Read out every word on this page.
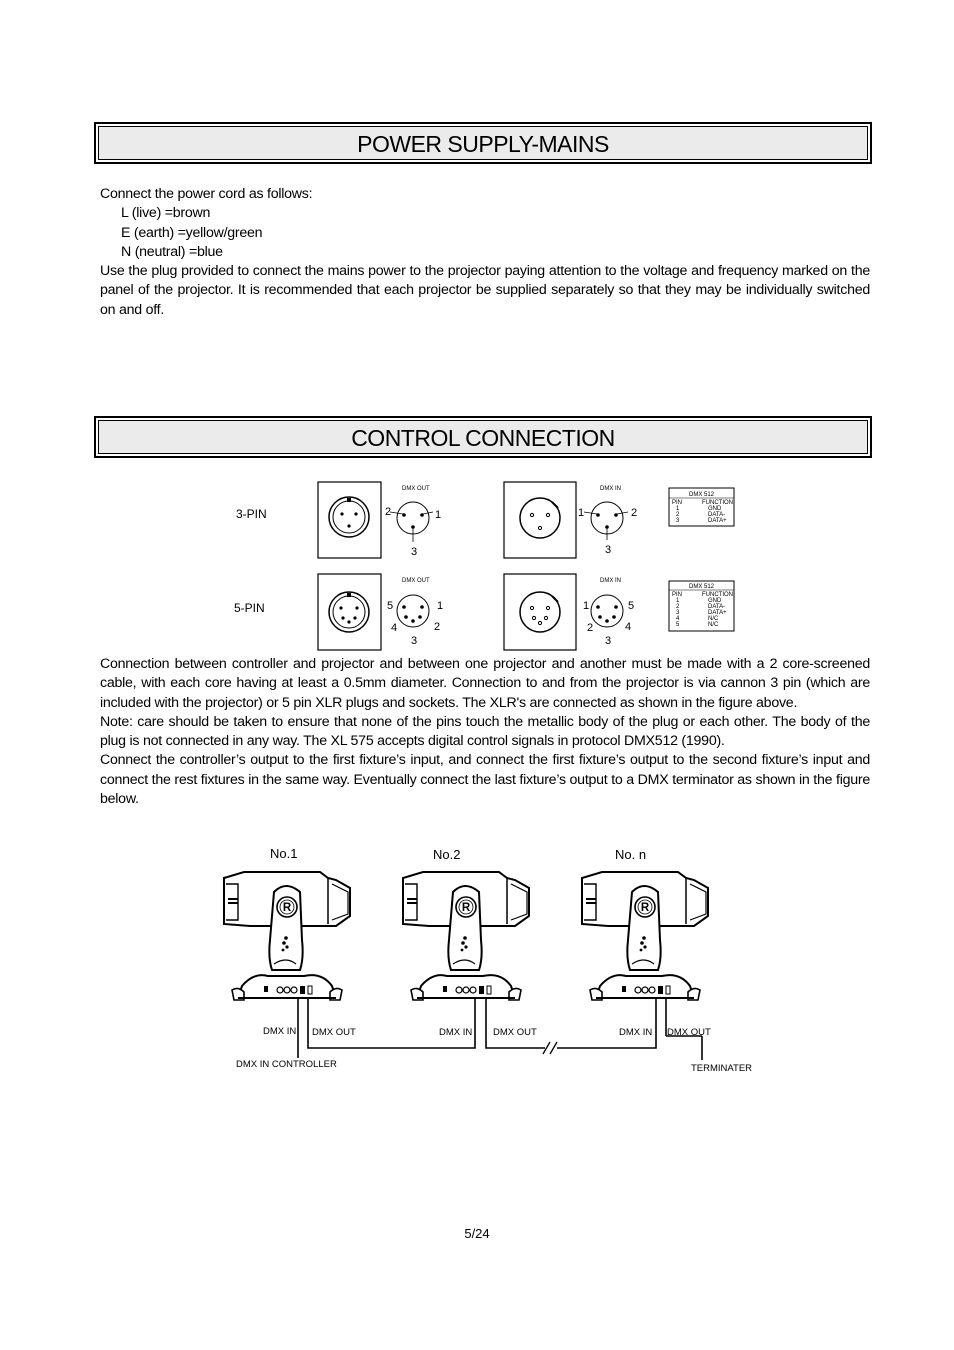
POWER SUPPLY-MAINS

Connect the power cord as follows:

L (live) =brown

E (earth) =yellow/green

N (neutral) =blue

Use the plug provided to connect the mains power to the projector paying attention to the voltage and frequency marked on the panel of the projector. It is recommended that each projector be supplied separately so that they may be individually switched on and off.

CONTROL CONNECTION
3-PIN
5-PIN
DMX OUT
2	1
3
DMX IN
1	2
3
DMX 512
PIN	FUNCTION
1	GND
2	DATA-
3	DATA+
DMX OUT
5	1
4	2
3
DMX IN
1	5
2	4
3
DMX 512
PIN	FUNCTION
1	GND
2	DATA-
3	DATA+
4	N/C
5	N/C

Connection between controller and projector and between one projector and another must be made with a 2 core-screened cable, with each core having at least a 0.5mm diameter. Connection to and from the projector is via cannon 3 pin (which are included with the projector) or 5 pin XLR plugs and sockets. The XLR's are connected as shown in the figure above.

Note: care should be taken to ensure that none of the pins touch the metallic body of the plug or each other. The body of the plug is not connected in any way. The XL 575 accepts digital control signals in protocol DMX512 (1990).

Connect the controller’s output to the first fixture’s input, and connect the first fixture’s output to the second fixture’s input and connect the rest fixtures in the same way. Eventually connect the last fixture’s output to a DMX terminator as shown in the figure below.

No.1	No.2	No. n
R	R	R
DMX IN DMX OUT	DMX IN DMX OUT	DMX IN DMX OUT
DMX IN CONTROLLER	TERMINATER
5/24
